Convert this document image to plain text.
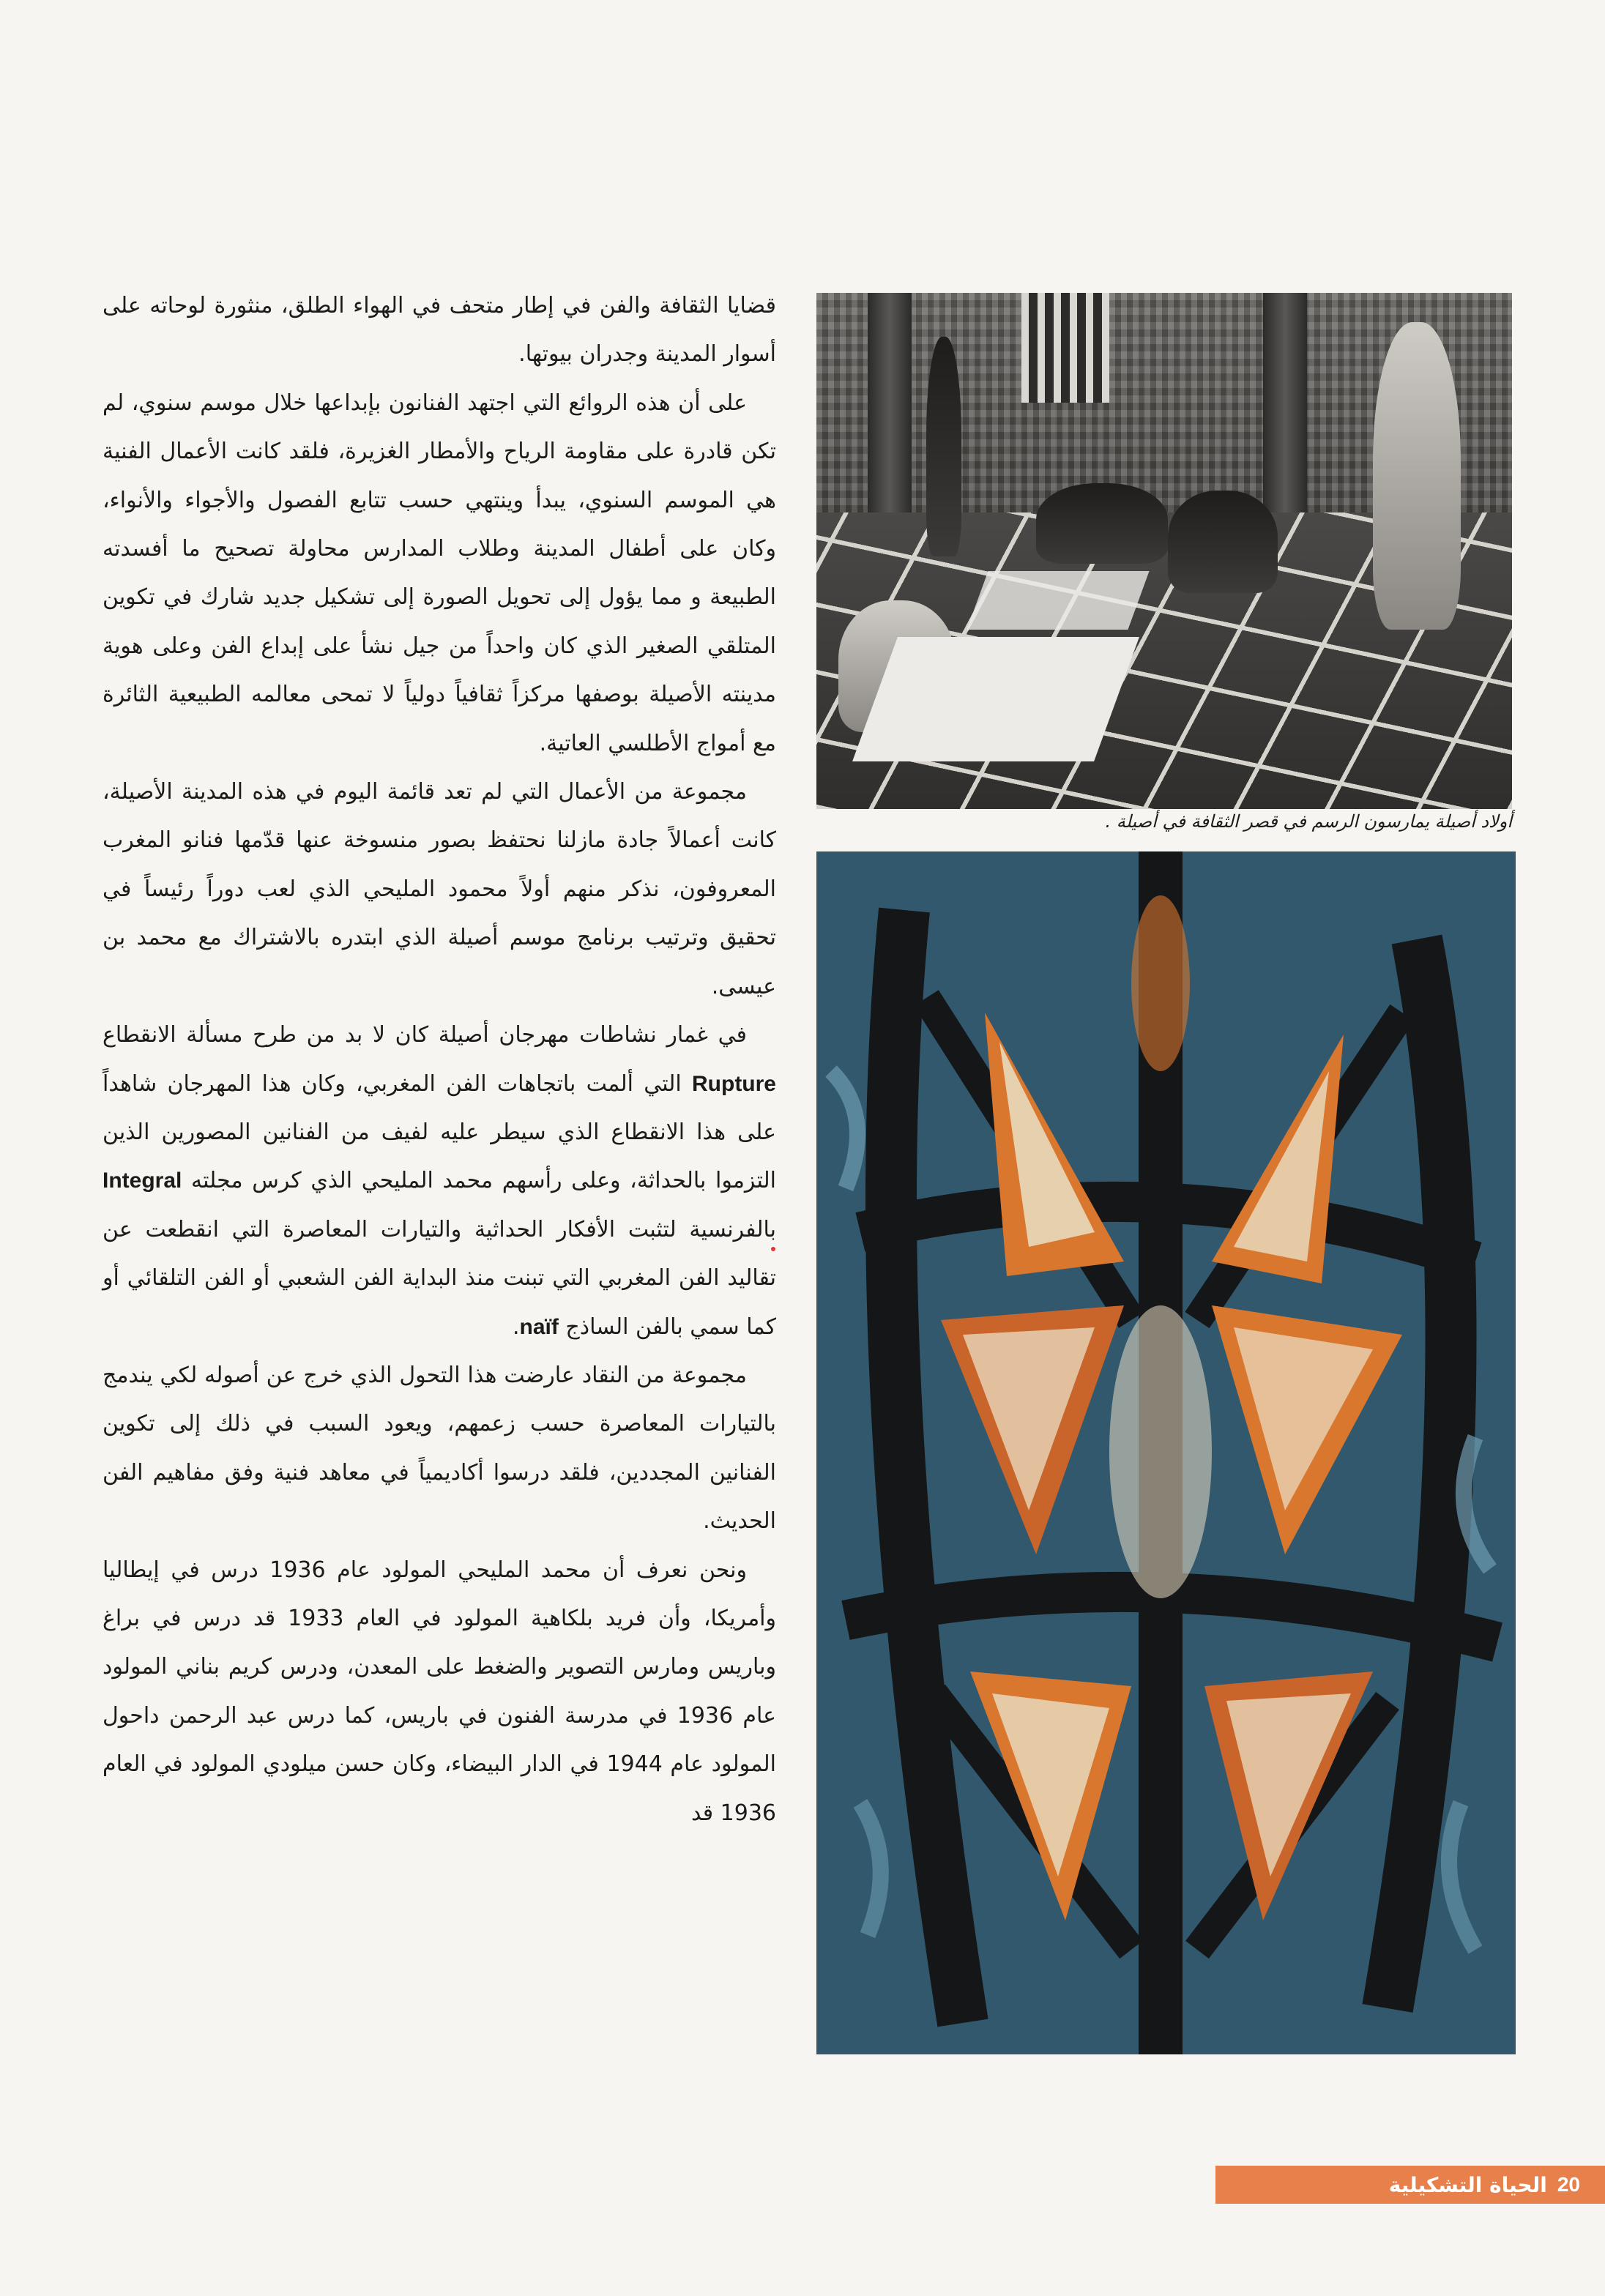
قضايا الثقافة والفن في إطار متحف في الهواء الطلق، منثورة لوحاته على أسوار المدينة وجدران بيوتها.

على أن هذه الروائع التي اجتهد الفنانون بإبداعها خلال موسم سنوي، لم تكن قادرة على مقاومة الرياح والأمطار الغزيرة، فلقد كانت الأعمال الفنية هي الموسم السنوي، يبدأ وينتهي حسب تتابع الفصول والأجواء والأنواء، وكان على أطفال المدينة وطلاب المدارس محاولة تصحيح ما أفسدته الطبيعة و مما يؤول إلى تحويل الصورة إلى تشكيل جديد شارك في تكوين المتلقي الصغير الذي كان واحداً من جيل نشأ على إبداع الفن وعلى هوية مدينته الأصيلة بوصفها مركزاً ثقافياً دولياً لا تمحى معالمه الطبيعية الثائرة مع أمواج الأطلسي العاتية.

مجموعة من الأعمال التي لم تعد قائمة اليوم في هذه المدينة الأصيلة، كانت أعمالاً جادة مازلنا نحتفظ بصور منسوخة عنها قدّمها فنانو المغرب المعروفون، نذكر منهم أولاً محمود المليحي الذي لعب دوراً رئيساً في تحقيق وترتيب برنامج موسم أصيلة الذي ابتدره بالاشتراك مع محمد بن عيسى.

في غمار نشاطات مهرجان أصيلة كان لا بد من طرح مسألة الانقطاع Rupture التي ألمت باتجاهات الفن المغربي، وكان هذا المهرجان شاهداً على هذا الانقطاع الذي سيطر عليه لفيف من الفنانين المصورين الذين التزموا بالحداثة، وعلى رأسهم محمد المليحي الذي كرس مجلته Integral بالفرنسية لتثبت الأفكار الحداثية والتيارات المعاصرة التي انقطعت عن تقاليد الفن المغربي التي تبنت منذ البداية الفن الشعبي أو الفن التلقائي أو كما سمي بالفن الساذج naïf.

مجموعة من النقاد عارضت هذا التحول الذي خرج عن أصوله لكي يندمج بالتيارات المعاصرة حسب زعمهم، ويعود السبب في ذلك إلى تكوين الفنانين المجددين، فلقد درسوا أكاديمياً في معاهد فنية وفق مفاهيم الفن الحديث.

ونحن نعرف أن محمد المليحي المولود عام 1936 درس في إيطاليا وأمريكا، وأن فريد بلكاهية المولود في العام 1933 قد درس في براغ وباريس ومارس التصوير والضغط على المعدن، ودرس كريم بناني المولود عام 1936 في مدرسة الفنون في باريس، كما درس عبد الرحمن داحول المولود عام 1944 في الدار البيضاء، وكان حسن ميلودي المولود في العام 1936 قد

أولاد أصيلة يمارسون الرسم في قصر الثقافة في أصيلة .
20
الحياة التشكيلية
